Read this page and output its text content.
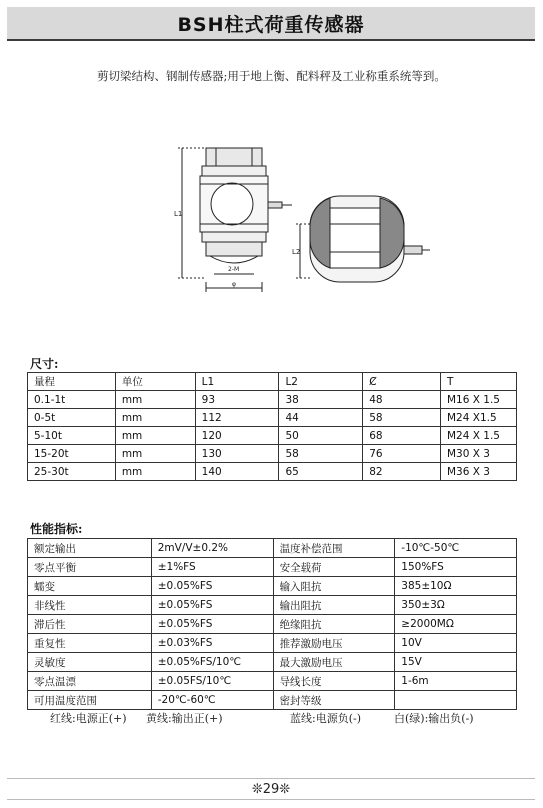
BSH柱式荷重传感器
剪切梁结构、钢制传感器;用于地上衡、配料秤及工业称重系统等到。
L1
L2
2-M
φ
尺寸:
量程	单位	L1	L2	Ȼ	T
0.1-1t	mm	93	38	48	M16 X 1.5
0-5t	mm	112	44	58	M24 X1.5
5-10t	mm	120	50	68	M24 X 1.5
15-20t	mm	130	58	76	M30 X 3
25-30t	mm	140	65	82	M36 X 3
性能指标:
额定输出	2mV/V±0.2%	温度补偿范围	-10℃-50℃
零点平衡	±1%FS	安全载荷	150%FS
蠕变	±0.05%FS	输入阻抗	385±10Ω
非线性	±0.05%FS	输出阻抗	350±3Ω
滞后性	±0.05%FS	绝缘阻抗	≥2000MΩ
重复性	±0.03%FS	推荐激励电压	10V
灵敏度	±0.05%FS/10℃	最大激励电压	15V
零点温漂	±0.05FS/10℃	导线长度	1-6m
可用温度范围	-20℃-60℃	密封等级	
红线:电源正(+) 黄线:输出正(+)	蓝线:电源负(-)	白(绿):输出负(-)
❊29❊
